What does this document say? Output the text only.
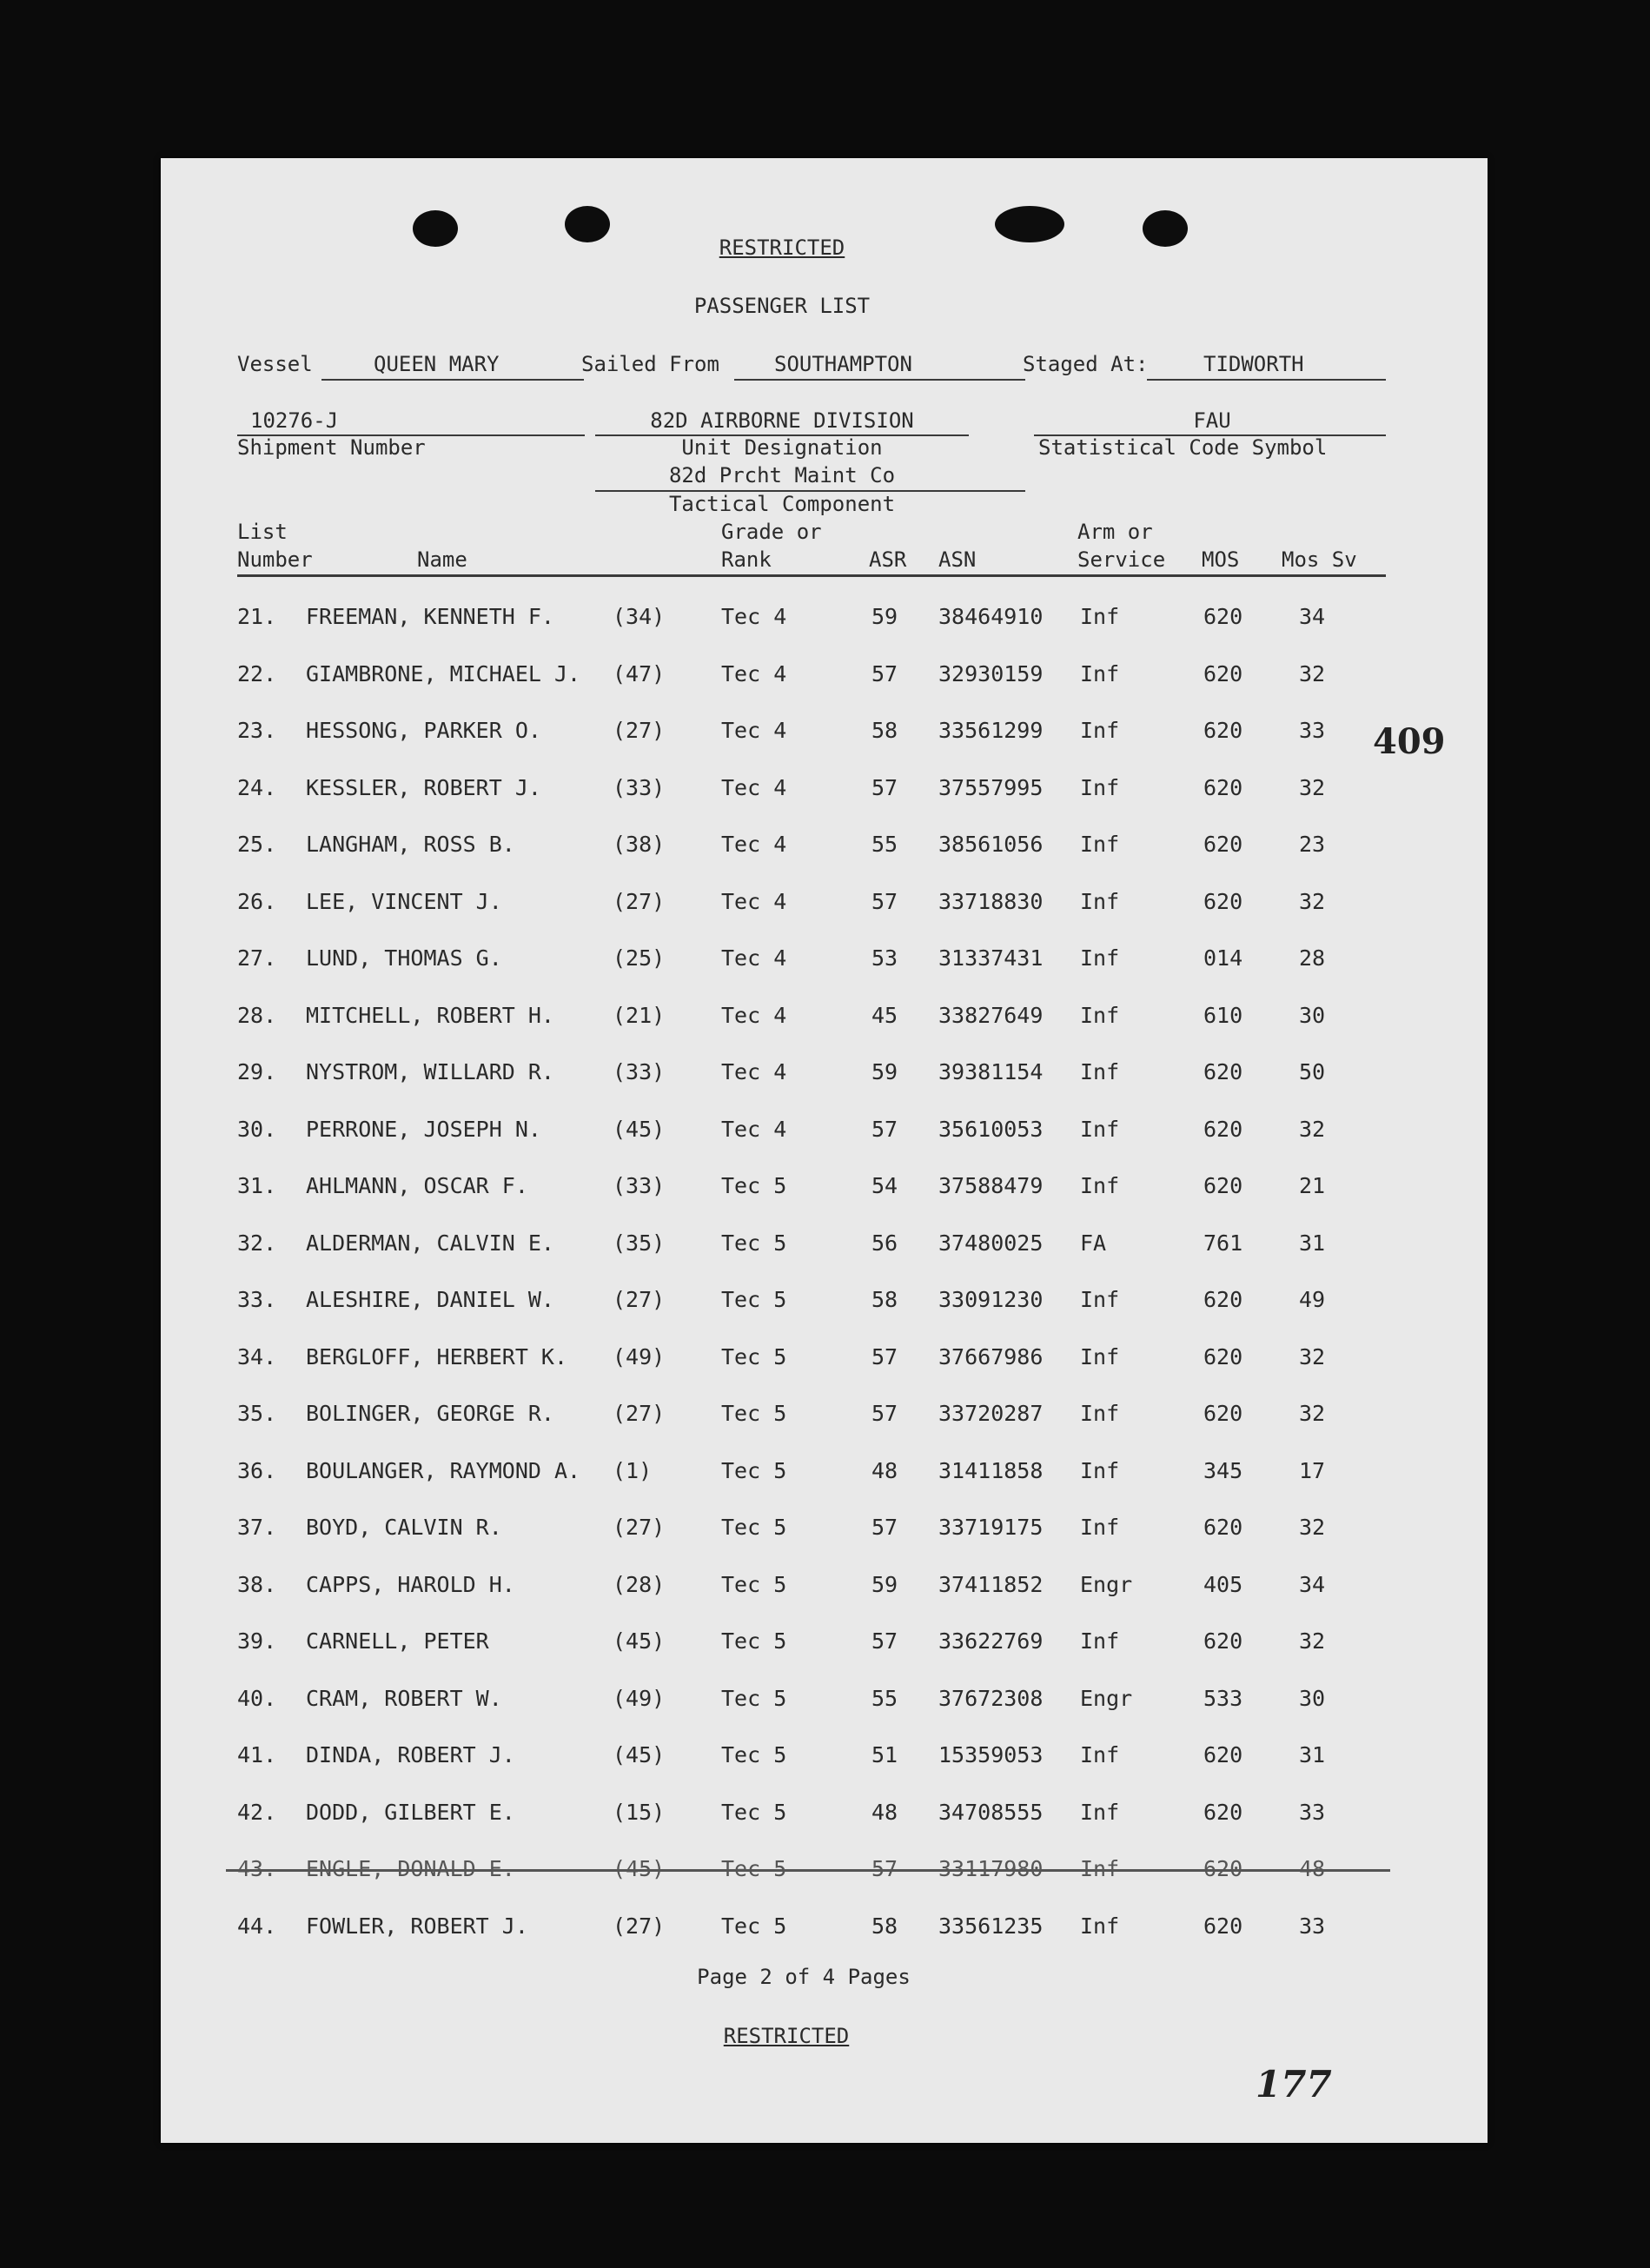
RESTRICTED
PASSENGER LIST
Vessel	QUEEN MARY	Sailed From	SOUTHAMPTON	Staged At:	TIDWORTH
10276-J
Shipment Number
82D AIRBORNE DIVISION
Unit Designation
FAU
Statistical Code Symbol
82d Prcht Maint Co
Tactical Component
List
Number	Name
Grade or
Rank	ASR ASN
Arm or
Service MOS Mos Sv
21. FREEMAN, KENNETH F.	(34)	Tec 4	59 38464910 Inf	620	34
22. GIAMBRONE, MICHAEL J. (47)	Tec 4	57 32930159 Inf	620	32
23. HESSONG, PARKER O.	(27)	Tec 4	58 33561299 Inf	620	33
24. KESSLER, ROBERT J.	(33)	Tec 4	57 37557995 Inf	620	32
25. LANGHAM, ROSS B.	(38)	Tec 4	55 38561056 Inf	620	23
26. LEE, VINCENT J.	(27)	Tec 4	57 33718830 Inf	620	32
27. LUND, THOMAS G.	(25)	Tec 4	53 31337431 Inf	014	28
28. MITCHELL, ROBERT H.	(21)	Tec 4	45 33827649 Inf	610	30
29. NYSTROM, WILLARD R.	(33)	Tec 4	59 39381154 Inf	620	50
30. PERRONE, JOSEPH N.	(45)	Tec 4	57 35610053 Inf	620	32
31. AHLMANN, OSCAR F.	(33)	Tec 5	54 37588479 Inf	620	21
32. ALDERMAN, CALVIN E.	(35)	Tec 5	56 37480025 FA	761	31
33. ALESHIRE, DANIEL W.	(27)	Tec 5	58 33091230 Inf	620	49
34. BERGLOFF, HERBERT K. (49)	Tec 5	57 37667986 Inf	620	32
35. BOLINGER, GEORGE R.	(27)	Tec 5	57 33720287 Inf	620	32
36. BOULANGER, RAYMOND A. (1)	Tec 5	48 31411858 Inf	345	17
37. BOYD, CALVIN R.	(27)	Tec 5	57 33719175 Inf	620	32
38. CAPPS, HAROLD H.	(28)	Tec 5	59 37411852 Engr	405	34
39. CARNELL, PETER	(45)	Tec 5	57 33622769 Inf	620	32
40. CRAM, ROBERT W.	(49)	Tec 5	55 37672308 Engr	533	30
41. DINDA, ROBERT J.	(45)	Tec 5	51 15359053 Inf	620	31
42. DODD, GILBERT E.	(15)	Tec 5	48 34708555 Inf	620	33
43. ENGLE, DONALD E.	(45)	Tec 5	57 33117980 Inf	620	48
44. FOWLER, ROBERT J.	(27)	Tec 5	58 33561235 Inf	620	33
Page 2 of 4 Pages
RESTRICTED
409
177
